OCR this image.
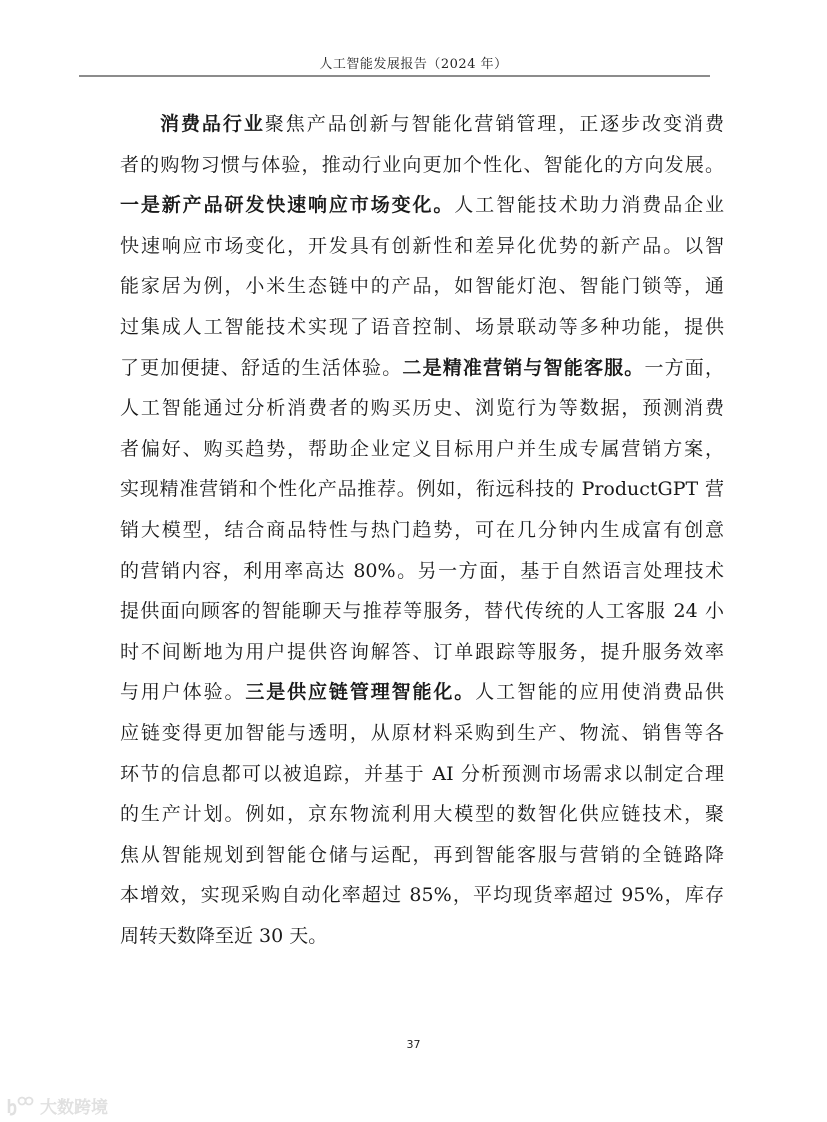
人工智能发展报告（2024 年）
消费品行业聚焦产品创新与智能化营销管理，正逐步改变消费
者的购物习惯与体验，推动行业向更加个性化、智能化的方向发展。
一是新产品研发快速响应市场变化。人工智能技术助力消费品企业
快速响应市场变化，开发具有创新性和差异化优势的新产品。以智
能家居为例，小米生态链中的产品，如智能灯泡、智能门锁等，通
过集成人工智能技术实现了语音控制、场景联动等多种功能，提供
了更加便捷、舒适的生活体验。二是精准营销与智能客服。一方面，
人工智能通过分析消费者的购买历史、浏览行为等数据，预测消费
者偏好、购买趋势，帮助企业定义目标用户并生成专属营销方案，
实现精准营销和个性化产品推荐。例如，衔远科技的 ProductGPT 营
销大模型，结合商品特性与热门趋势，可在几分钟内生成富有创意
的营销内容，利用率高达 80%。另一方面，基于自然语言处理技术
提供面向顾客的智能聊天与推荐等服务，替代传统的人工客服 24 小
时不间断地为用户提供咨询解答、订单跟踪等服务，提升服务效率
与用户体验。三是供应链管理智能化。人工智能的应用使消费品供
应链变得更加智能与透明，从原材料采购到生产、物流、销售等各
环节的信息都可以被追踪，并基于 AI 分析预测市场需求以制定合理
的生产计划。例如，京东物流利用大模型的数智化供应链技术，聚
焦从智能规划到智能仓储与运配，再到智能客服与营销的全链路降
本增效，实现采购自动化率超过 85%，平均现货率超过 95%，库存
周转天数降至近 30 天。
37
大数跨境
